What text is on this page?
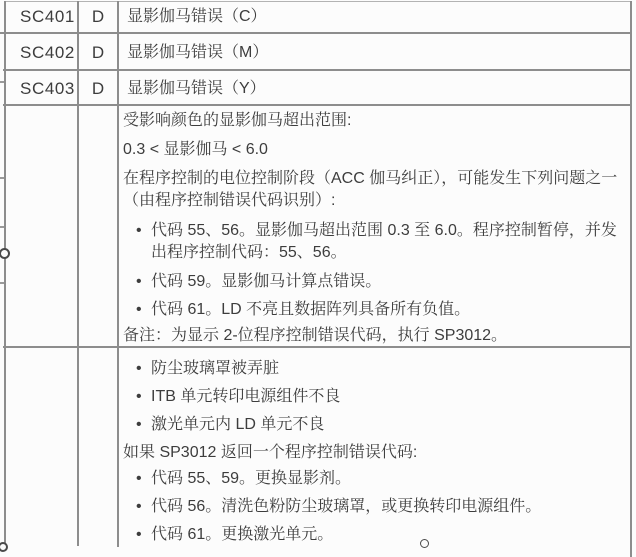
SC401 D	显影伽马错误（C）
SC402 D	显影伽马错误（M）
SC403 D	显影伽马错误（Y）
受影响颜色的显影伽马超出范围:
0.3 < 显影伽马 < 6.0
在程序控制的电位控制阶段（ACC 伽马纠正），可能发生下列问题之一
（由程序控制错误代码识别）:
• 代码 55、56。显影伽马超出范围 0.3 至 6.0。程序控制暂停，并发
出程序控制代码：55、56。
• 代码 59。显影伽马计算点错误。
• 代码 61。LD 不亮且数据阵列具备所有负值。
备注：为显示 2-位程序控制错误代码，执行 SP3012。
• 防尘玻璃罩被弄脏
• ITB 单元转印电源组件不良
• 激光单元内 LD 单元不良
如果 SP3012 返回一个程序控制错误代码:
• 代码 55、59。更换显影剂。
• 代码 56。清洗色粉防尘玻璃罩，或更换转印电源组件。
• 代码 61。更换激光单元。
